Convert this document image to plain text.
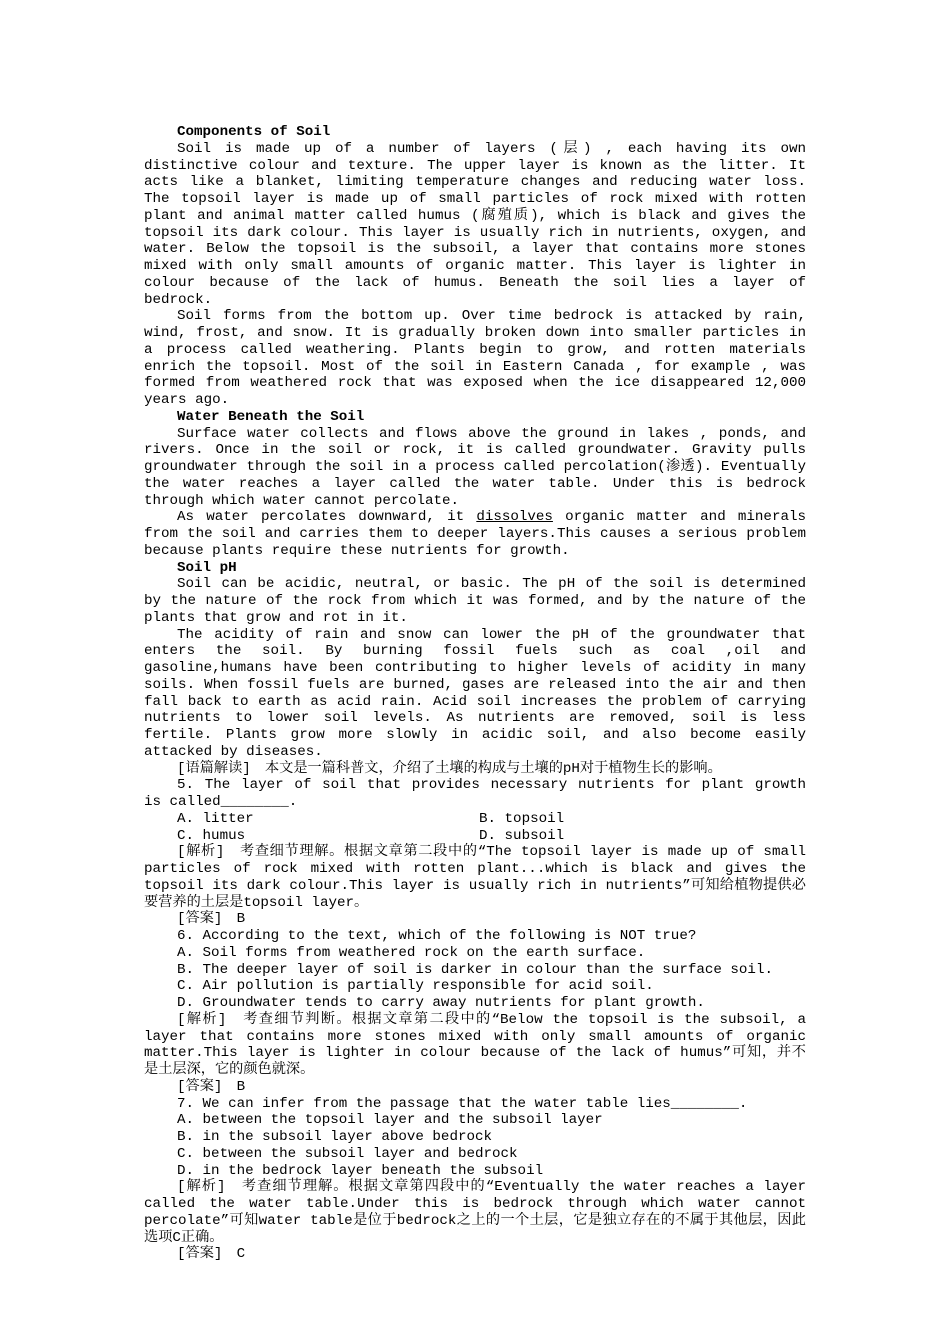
Components of Soil

Soil is made up of a number of layers (层) , each having its own distinctive colour and texture. The upper layer is known as the litter. It acts like a blanket, limiting temperature changes and reducing water loss. The topsoil layer is made up of small particles of rock mixed with rotten plant and animal matter called humus (腐殖质), which is black and gives the topsoil its dark colour. This layer is usually rich in nutrients, oxygen, and water. Below the topsoil is the subsoil, a layer that contains more stones mixed with only small amounts of organic matter. This layer is lighter in colour because of the lack of humus. Beneath the soil lies a layer of bedrock.

Soil forms from the bottom up. Over time bedrock is attacked by rain, wind, frost, and snow. It is gradually broken down into smaller particles in a process called weathering. Plants begin to grow, and rotten materials enrich the topsoil. Most of the soil in Eastern Canada , for example , was formed from weathered rock that was exposed when the ice disappeared 12,000 years ago.

Water Beneath the Soil

Surface water collects and flows above the ground in lakes , ponds, and rivers. Once in the soil or rock, it is called groundwater. Gravity pulls groundwater through the soil in a process called percolation(渗透). Eventually the water reaches a layer called the water table. Under this is bedrock through which water cannot percolate.

As water percolates downward, it dissolves organic matter and minerals from the soil and carries them to deeper layers.This causes a serious problem because plants require these nutrients for growth.

Soil pH

Soil can be acidic, neutral, or basic. The pH of the soil is determined by the nature of the rock from which it was formed, and by the nature of the plants that grow and rot in it.

The acidity of rain and snow can lower the pH of the groundwater that enters the soil. By burning fossil fuels such as coal ,oil and gasoline,humans have been contributing to higher levels of acidity in many soils. When fossil fuels are burned, gases are released into the air and then fall back to earth as acid rain. Acid soil increases the problem of carrying nutrients to lower soil levels. As nutrients are removed, soil is less fertile. Plants grow more slowly in acidic soil, and also become easily attacked by diseases.

[语篇解读]　本文是一篇科普文，介绍了土壤的构成与土壤的pH对于植物生长的影响。

5. The layer of soil that provides necessary nutrients for plant growth is called________.

A. litter	B. topsoil
C. humus	D. subsoil

[解析]　考查细节理解。根据文章第二段中的“The topsoil layer is made up of small particles of rock mixed with rotten plant...which is black and gives the topsoil its dark colour.This layer is usually rich in nutrients”可知给植物提供必要营养的土层是topsoil layer。

[答案]　B

6. According to the text, which of the following is NOT true?

A. Soil forms from weathered rock on the earth surface.

B. The deeper layer of soil is darker in colour than the surface soil.

C. Air pollution is partially responsible for acid soil.

D. Groundwater tends to carry away nutrients for plant growth.

[解析]　考查细节判断。根据文章第二段中的“Below the topsoil is the subsoil, a layer that contains more stones mixed with only small amounts of organic matter.This layer is lighter in colour because of the lack of humus”可知，并不是土层深，它的颜色就深。

[答案]　B

7. We can infer from the passage that the water table lies________.

A. between the topsoil layer and the subsoil layer

B. in the subsoil layer above bedrock

C. between the subsoil layer and bedrock

D. in the bedrock layer beneath the subsoil

[解析]　考查细节理解。根据文章第四段中的“Eventually the water reaches a layer called the water table.Under this is bedrock through which water cannot percolate”可知water table是位于bedrock之上的一个土层，它是独立存在的不属于其他层，因此选项C正确。

[答案]　C
